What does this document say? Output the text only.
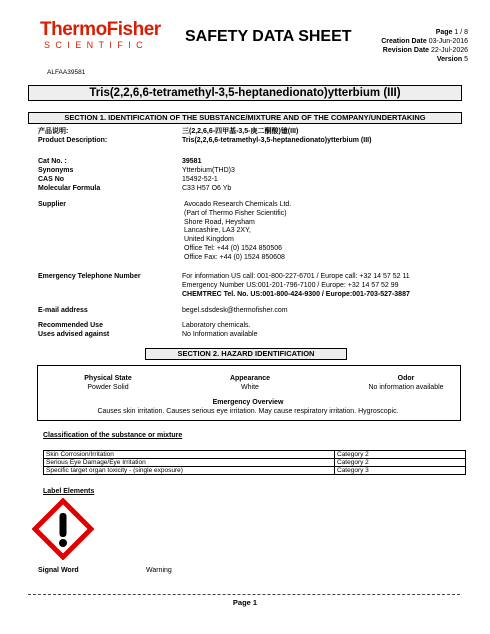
ThermoFisher
SCIENTIFIC SAFETY DATA SHEET	Page 1 / 8
Creation Date 03-Jun-2016
Revision Date 22-Jul-2026
Version 5
ALFAA39581
Tris(2,2,6,6-tetramethyl-3,5-heptanedionato)ytterbium (III)
SECTION 1. IDENTIFICATION OF THE SUBSTANCE/MIXTURE AND OF THE COMPANY/UNDERTAKING
产品说明:	三(2,2,6,6-四甲基-3,5-庚二酮酸)镱(III)
Product Description:	Tris(2,2,6,6-tetramethyl-3,5-heptanedionato)ytterbium (III)
Cat No. :	39581
Synonyms	Ytterbium(THD)3
CAS No	15492-52-1
Molecular Formula	C33 H57 O6 Yb
Supplier	Avocado Research Chemicals Ltd.
(Part of Thermo Fisher Scientific)
Shore Road, Heysham
Lancashire, LA3 2XY,
United Kingdom
Office Tel: +44 (0) 1524 850506
Office Fax: +44 (0) 1524 850608
Emergency Telephone Number	For information US call: 001-800-227-6701 / Europe call: +32 14 57 52 11
Emergency Number US:001-201-796-7100 / Europe: +32 14 57 52 99
CHEMTREC Tel. No. US:001-800-424-9300 / Europe:001-703-527-3887
E-mail address	begel.sdsdesk@thermofisher.com
Recommended Use	Laboratory chemicals.
Uses advised against	No Information available
SECTION 2. HAZARD IDENTIFICATION
Physical State
Powder Solid
Appearance
White
Odor
No information available
Emergency Overview
Causes skin irritation. Causes serious eye irritation. May cause respiratory irritation. Hygroscopic.
Classification of the substance or mixture
Skin Corrosion/Irritation	Category 2
Serious Eye Damage/Eye Irritation	Category 2
Specific target organ toxicity - (single exposure)	Category 3
Label Elements
Signal Word	Warning
Page 1
